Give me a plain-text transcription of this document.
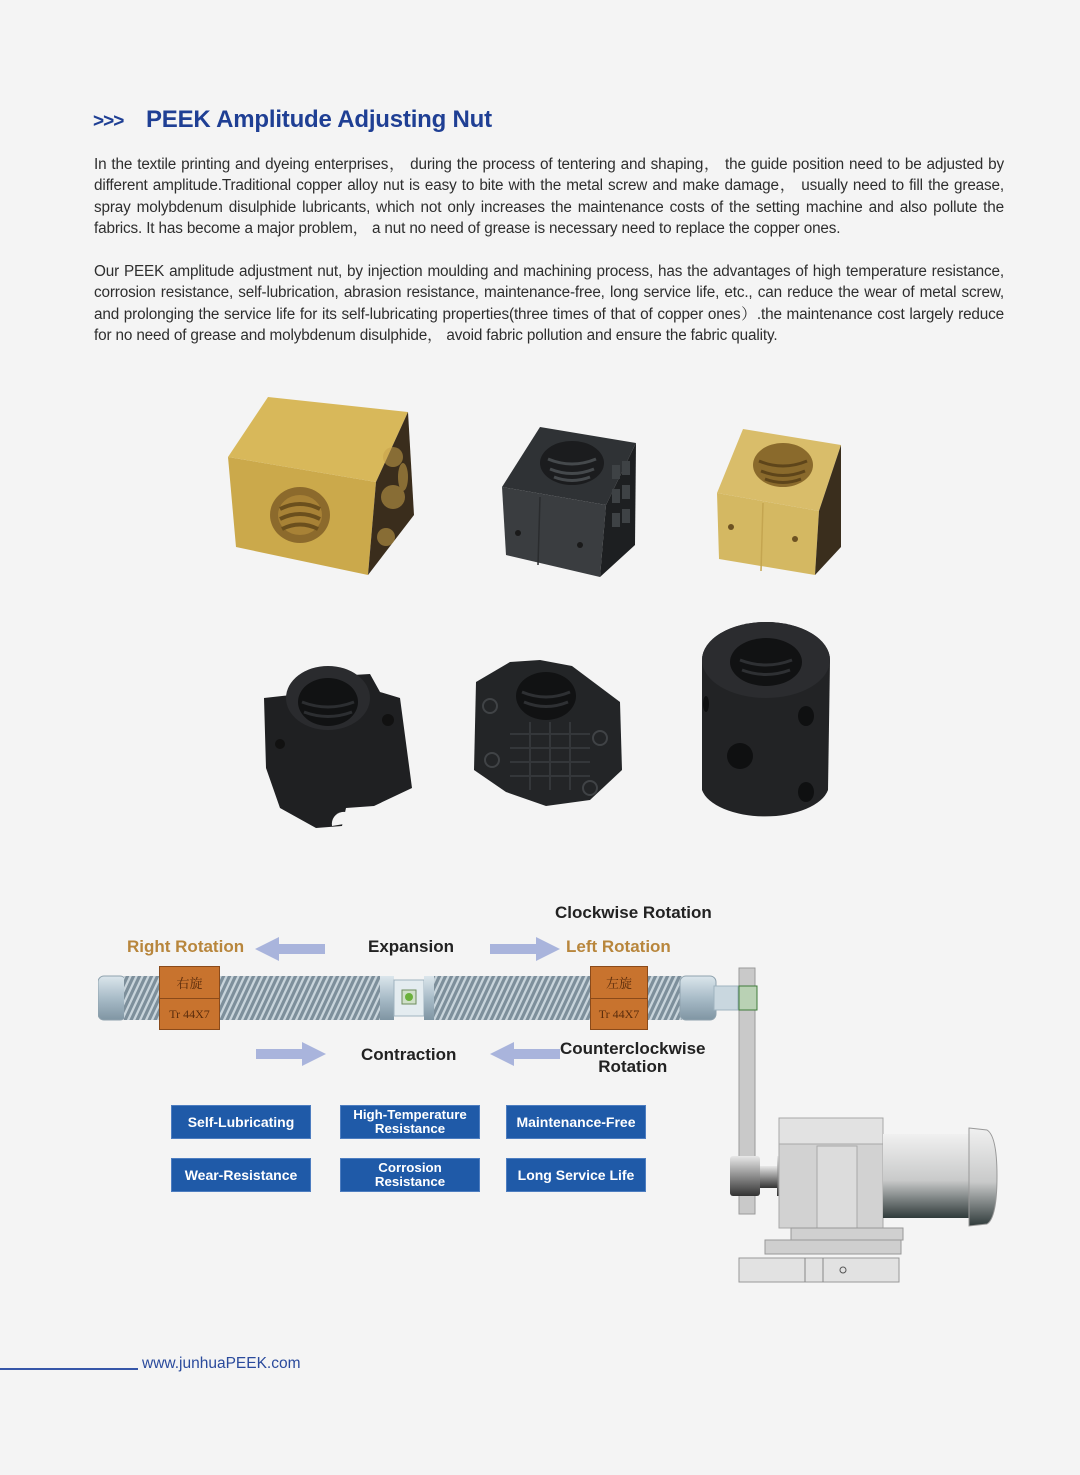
>>> PEEK Amplitude Adjusting Nut

In the textile printing and dyeing enterprises， during the process of tentering and shaping， the guide position need to be adjusted by different amplitude.Traditional copper alloy nut is easy to bite with the metal screw and make damage， usually need to fill the grease, spray molybdenum disulphide lubricants, which not only increases the maintenance costs of the setting machine and also pollute the fabrics. It has become a major problem， a nut no need of grease is necessary need to replace the copper ones.

Our PEEK amplitude adjustment nut, by injection moulding and machining process, has the advantages of high temperature resistance, corrosion resistance, self-lubrication, abrasion resistance, maintenance-free, long service life, etc., can reduce the wear of metal screw, and prolonging the service life for its self-lubricating properties(three times of that of copper ones）.the maintenance cost largely reduce for no need of grease and molybdenum disulphide， avoid fabric pollution and ensure the fabric quality.

Clockwise Rotation
Right Rotation	Expansion	Left Rotation
Contraction	Counterclockwise
Rotation
右旋
Tr 44X7
左旋
Tr 44X7
Self-Lubricating	High-Temperature Resistance	Maintenance-Free
Wear-Resistance	Corrosion Resistance	Long Service Life
www.junhuaPEEK.com
